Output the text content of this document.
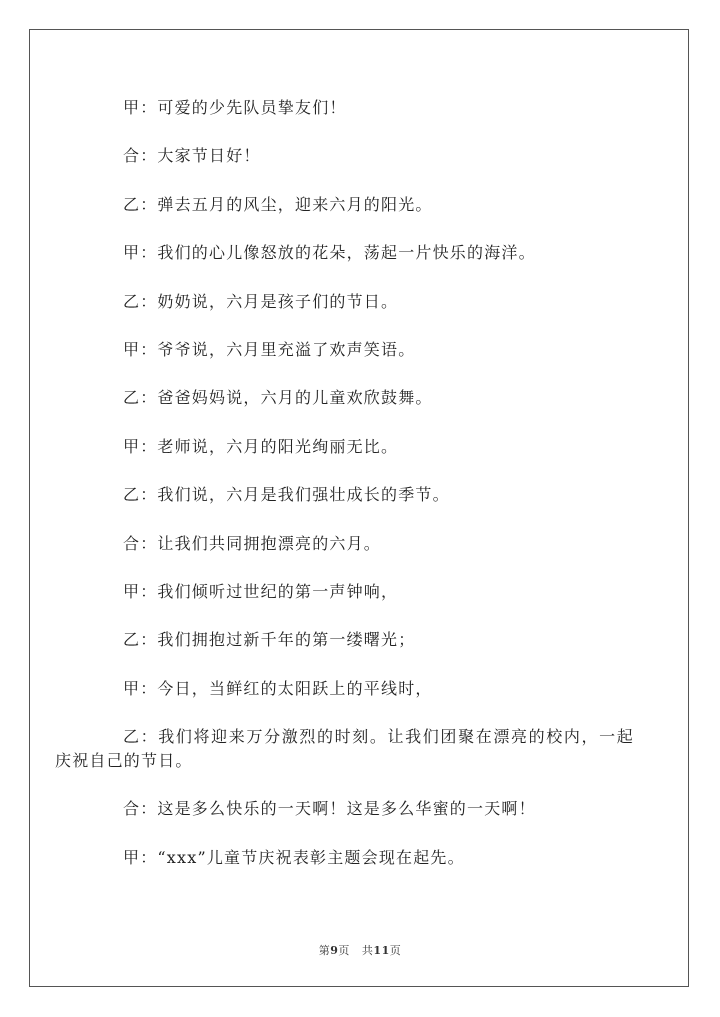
甲：可爱的少先队员挚友们！

合：大家节日好！

乙：弹去五月的风尘，迎来六月的阳光。

甲：我们的心儿像怒放的花朵，荡起一片快乐的海洋。

乙：奶奶说，六月是孩子们的节日。

甲：爷爷说，六月里充溢了欢声笑语。

乙：爸爸妈妈说，六月的儿童欢欣鼓舞。

甲：老师说，六月的阳光绚丽无比。

乙：我们说，六月是我们强壮成长的季节。

合：让我们共同拥抱漂亮的六月。

甲：我们倾听过世纪的第一声钟响，

乙：我们拥抱过新千年的第一缕曙光；

甲：今日，当鲜红的太阳跃上的平线时，

乙：我们将迎来万分激烈的时刻。让我们团聚在漂亮的校内，一起庆祝自己的节日。

合：这是多么快乐的一天啊！这是多么华蜜的一天啊！

甲：“xxx”儿童节庆祝表彰主题会现在起先。

第9页 共11页
